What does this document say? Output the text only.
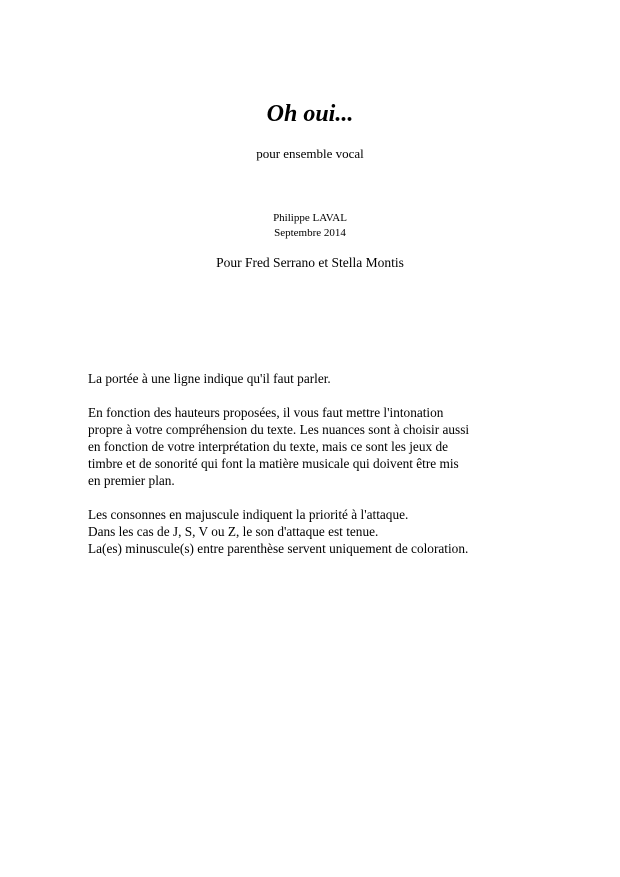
Oh oui...
pour ensemble vocal
Philippe LAVAL
Septembre 2014
Pour Fred Serrano et Stella Montis

La portée à une ligne indique qu'il faut parler.

En fonction des hauteurs proposées, il vous faut mettre l'intonation
propre à votre compréhension du texte. Les nuances sont à choisir aussi
en fonction de votre interprétation du texte, mais ce sont les jeux de
timbre et de sonorité qui font la matière musicale qui doivent être mis
en premier plan.

Les consonnes en majuscule indiquent la priorité à l'attaque.
Dans les cas de J, S, V ou Z, le son d'attaque est tenue.
La(es) minuscule(s) entre parenthèse servent uniquement de coloration.
